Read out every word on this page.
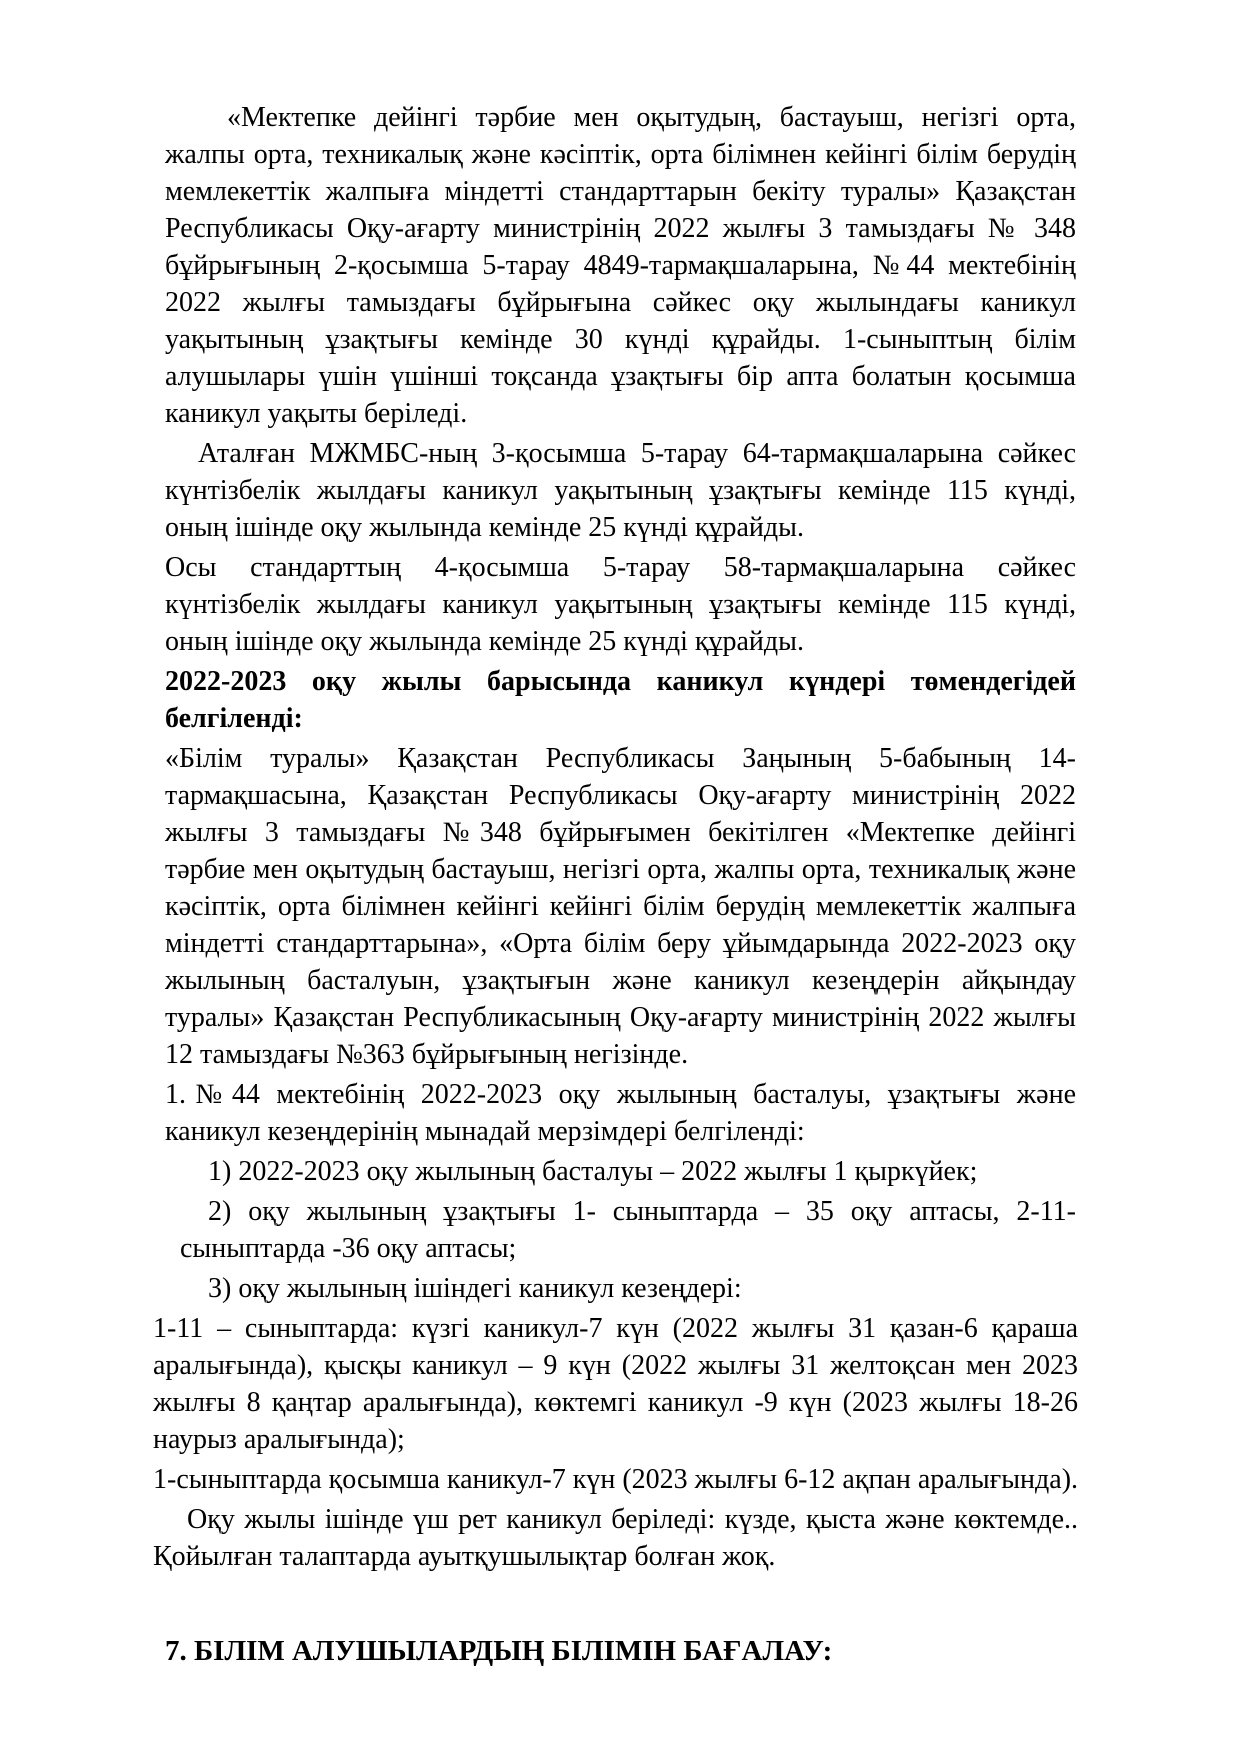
«Мектепке дейінгі тәрбие мен оқытудың, бастауыш, негізгі орта, жалпы орта, техникалық және кәсіптік, орта білімнен кейінгі білім берудің мемлекеттік жалпыға міндетті стандарттарын бекіту туралы» Қазақстан Республикасы Оқу-ағарту министрінің 2022 жылғы 3 тамыздағы № 348 бұйрығының 2-қосымша 5-тарау 4849-тармақшаларына, №44 мектебінің 2022 жылғы тамыздағы бұйрығына сәйкес оқу жылындағы каникул уақытының ұзақтығы кемінде 30 күнді құрайды. 1-сыныптың білім алушылары үшін үшінші тоқсанда ұзақтығы бір апта болатын қосымша каникул уақыты беріледі.

Аталған МЖМБС-ның 3-қосымша 5-тарау 64-тармақшаларына сәйкес күнтізбелік жылдағы каникул уақытының ұзақтығы кемінде 115 күнді, оның ішінде оқу жылында кемінде 25 күнді құрайды.

Осы стандарттың 4-қосымша 5-тарау 58-тармақшаларына сәйкес күнтізбелік жылдағы каникул уақытының ұзақтығы кемінде 115 күнді, оның ішінде оқу жылында кемінде 25 күнді құрайды.

2022-2023 оқу жылы барысында каникул күндері төмендегідей белгіленді:

«Білім туралы» Қазақстан Республикасы Заңының 5-бабының 14-тармақшасына, Қазақстан Республикасы Оқу-ағарту министрінің 2022 жылғы 3 тамыздағы №348 бұйрығымен бекітілген «Мектепке дейінгі тәрбие мен оқытудың бастауыш, негізгі орта, жалпы орта, техникалық және кәсіптік, орта білімнен кейінгі кейінгі білім берудің мемлекеттік жалпыға міндетті стандарттарына», «Орта білім беру ұйымдарында 2022-2023 оқу жылының басталуын, ұзақтығын және каникул кезеңдерін айқындау туралы» Қазақстан Республикасының Оқу-ағарту министрінің 2022 жылғы 12 тамыздағы №363 бұйрығының негізінде.

1.№44 мектебінің 2022-2023 оқу жылының басталуы, ұзақтығы және каникул кезеңдерінің мынадай мерзімдері белгіленді:

1) 2022-2023 оқу жылының басталуы – 2022 жылғы 1 қыркүйек;

2) оқу жылының ұзақтығы 1- сыныптарда – 35 оқу аптасы, 2-11-сыныптарда -36 оқу аптасы;

3) оқу жылының ішіндегі каникул кезеңдері:

1-11 – сыныптарда: күзгі каникул-7 күн (2022 жылғы 31 қазан-6 қараша аралығында), қысқы каникул – 9 күн (2022 жылғы 31 желтоқсан мен 2023 жылғы 8 қаңтар аралығында), көктемгі каникул -9 күн (2023 жылғы 18-26 наурыз аралығында);

1-сыныптарда қосымша каникул-7 күн (2023 жылғы 6-12 ақпан аралығында).

Оқу жылы ішінде үш рет каникул беріледі: күзде, қыста және көктемде.. Қойылған талаптарда ауытқушылықтар болған жоқ.

7. БІЛІМ АЛУШЫЛАРДЫҢ БІЛІМІН БАҒАЛАУ:
